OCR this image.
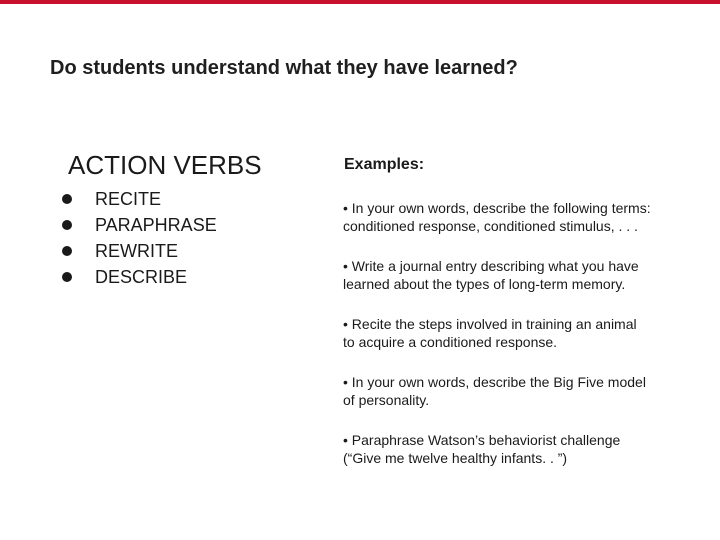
Do students understand what they have learned?
ACTION VERBS
RECITE
PARAPHRASE
REWRITE
DESCRIBE
Examples:
• In your own words, describe the following terms:
conditioned response, conditioned stimulus, . . .
• Write a journal entry describing what you have
learned about the types of long-term memory.
• Recite the steps involved in training an animal
to acquire a conditioned response.
• In your own words, describe the Big Five model
of personality.
• Paraphrase Watson’s behaviorist challenge
(“Give me twelve healthy infants. . ”)
